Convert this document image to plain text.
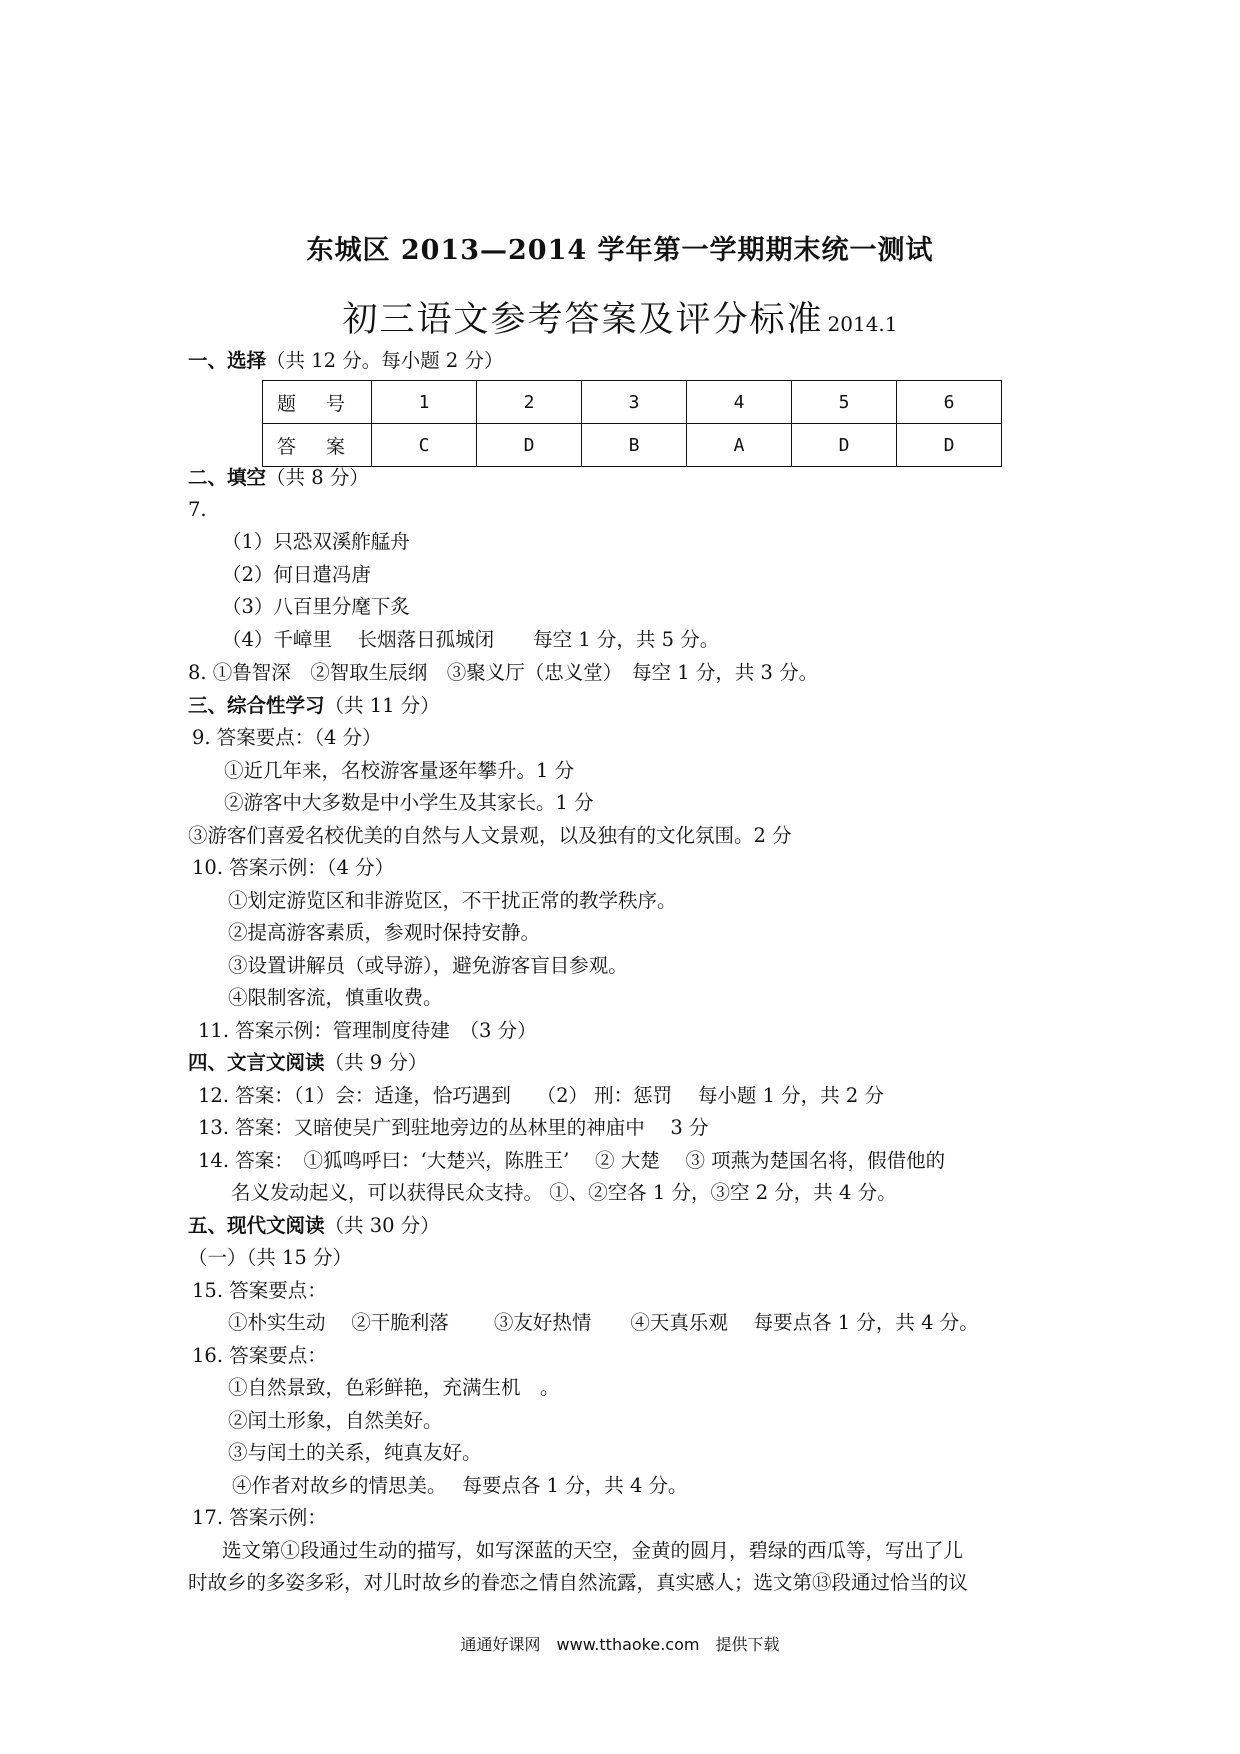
东城区 2013—2014 学年第一学期期末统一测试
初三语文参考答案及评分标准 2014.1
一、选择（共 12 分。每小题 2 分）
题 号	1	2	3	4	5	6
答 案	C	D	B	A	D	D
二、填空（共 8 分）
7.
（1）只恐双溪舴艋舟
（2）何日遣冯唐
（3）八百里分麾下炙
（4）千嶂里　 长烟落日孤城闭　　每空 1 分，共 5 分。
8. ①鲁智深　②智取生辰纲　③聚义厅（忠义堂）　每空 1 分，共 3 分。
三、综合性学习（共 11 分）
9. 答案要点：（4 分）
①近几年来，名校游客量逐年攀升。1 分
②游客中大多数是中小学生及其家长。1 分
③游客们喜爱名校优美的自然与人文景观，以及独有的文化氛围。2 分
10. 答案示例：（4 分）
①划定游览区和非游览区，不干扰正常的教学秩序。
②提高游客素质，参观时保持安静。
③设置讲解员（或导游），避免游客盲目参观。
④限制客流，慎重收费。
11. 答案示例：管理制度待建　（3 分）
四、文言文阅读（共 9 分）
12. 答案：（1）会：适逢，恰巧遇到　 （2） 刑：惩罚　 每小题 1 分，共 2 分
13. 答案：又暗使吴广到驻地旁边的丛林里的神庙中　 3 分
14. 答案：　①狐鸣呼曰：‘大楚兴，陈胜王’　 ② 大楚　 ③ 项燕为楚国名将，假借他的
名义发动起义，可以获得民众支持。 ①、②空各 1 分，③空 2 分，共 4 分。
五、现代文阅读（共 30 分）
（一）（共 15 分）
15. 答案要点：
①朴实生动　 ②干脆利落　　 ③友好热情　　④天真乐观　 每要点各 1 分，共 4 分。
16. 答案要点：
①自然景致，色彩鲜艳，充满生机　。
②闰土形象，自然美好。
③与闰土的关系，纯真友好。
④作者对故乡的情思美。　 每要点各 1 分，共 4 分。
17. 答案示例：
选文第①段通过生动的描写，如写深蓝的天空，金黄的圆月，碧绿的西瓜等，写出了儿
时故乡的多姿多彩，对儿时故乡的眷恋之情自然流露，真实感人；选文第⑬段通过恰当的议
通通好课网　www.tthaoke.com　提供下载
